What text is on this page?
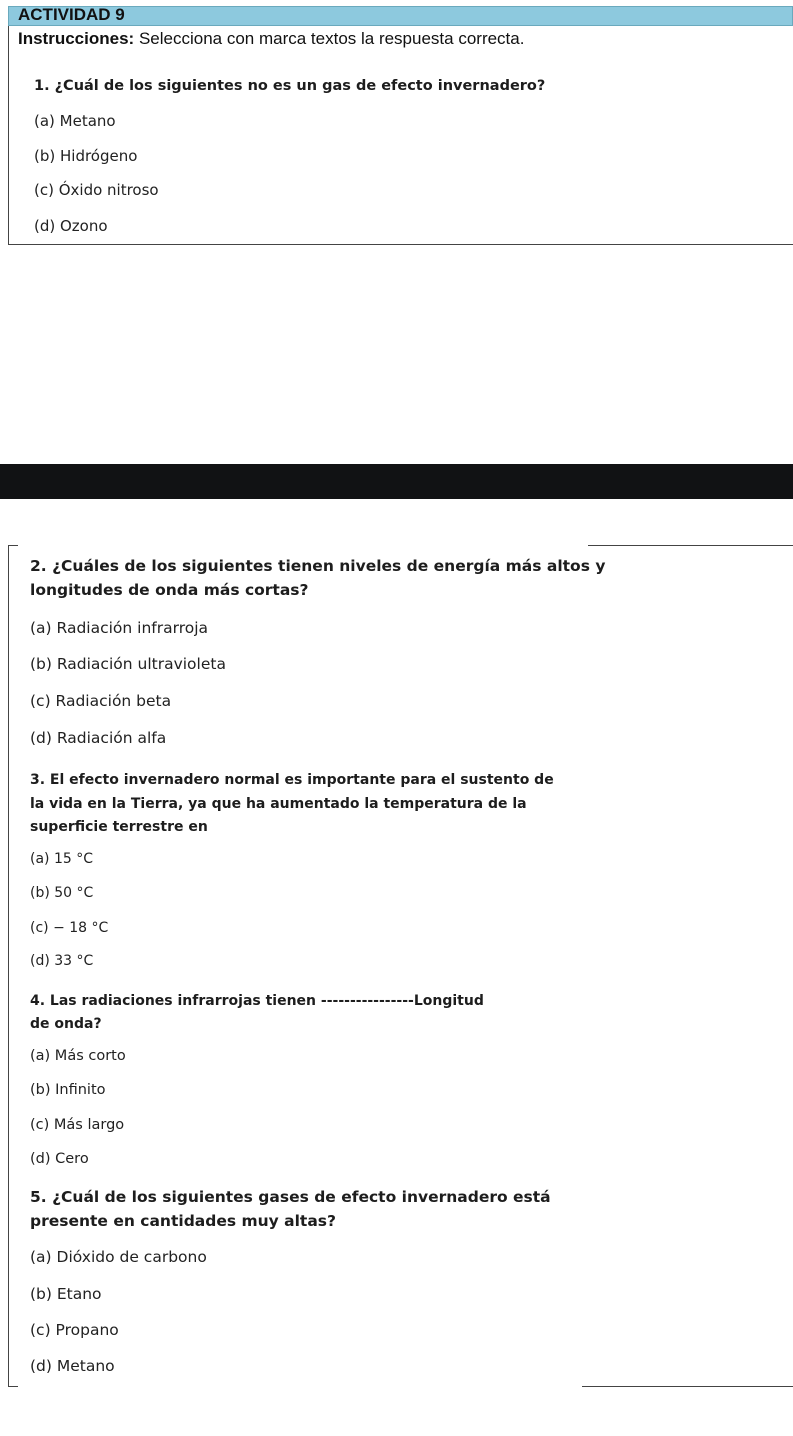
ACTIVIDAD 9
Instrucciones: Selecciona con marca textos la respuesta correcta.
1. ¿Cuál de los siguientes no es un gas de efecto invernadero?
(a) Metano
(b) Hidrógeno
(c) Óxido nitroso
(d) Ozono
2. ¿Cuáles de los siguientes tienen niveles de energía más altos y
longitudes de onda más cortas?
(a) Radiación infrarroja
(b) Radiación ultravioleta
(c) Radiación beta
(d) Radiación alfa
3. El efecto invernadero normal es importante para el sustento de
la vida en la Tierra, ya que ha aumentado la temperatura de la
superficie terrestre en
(a) 15 °C
(b) 50 °C
(c) − 18 °C
(d) 33 °C
4. Las radiaciones infrarrojas tienen ----------------Longitud
de onda?
(a) Más corto
(b) Infinito
(c) Más largo
(d) Cero
5. ¿Cuál de los siguientes gases de efecto invernadero está
presente en cantidades muy altas?
(a) Dióxido de carbono
(b) Etano
(c) Propano
(d) Metano
